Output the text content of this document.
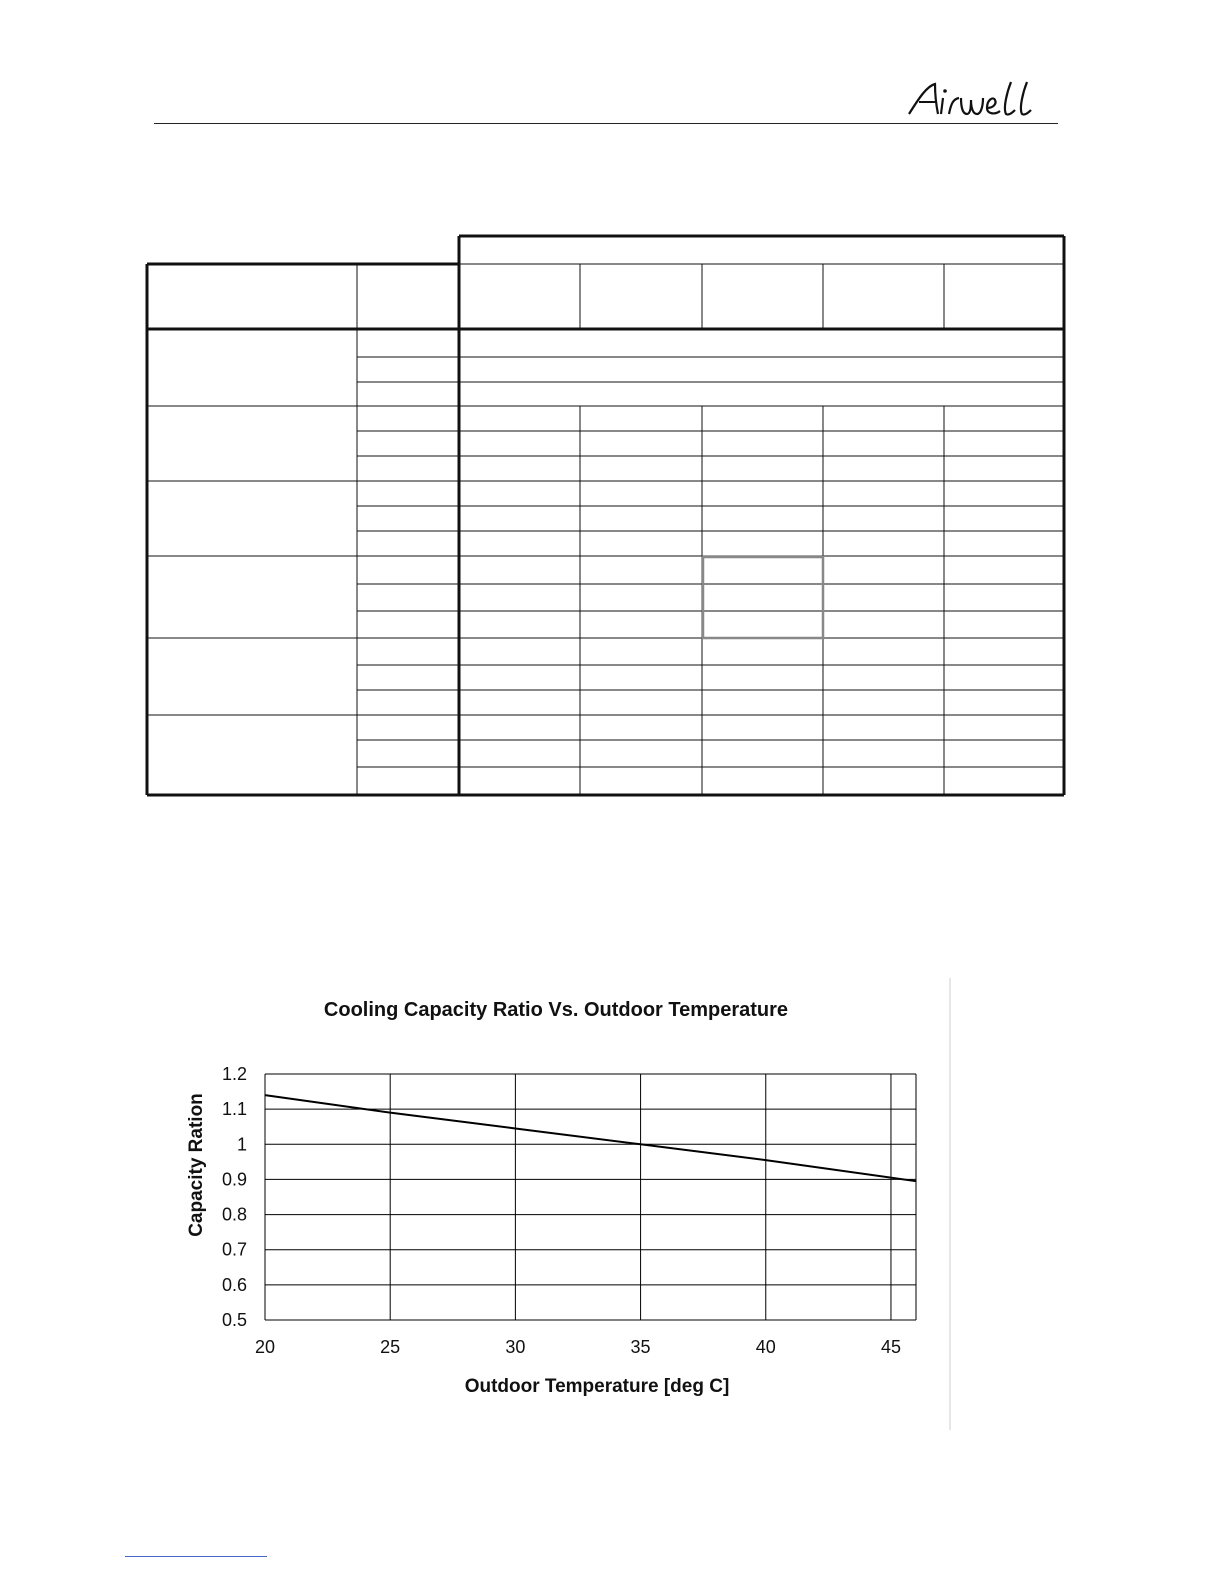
Cooling Capacity Ratio Vs. Outdoor Temperature
Outdoor Temperature [deg C]
Capacity Ration
0.5
0.6
0.7
0.8
0.9
1
1.1
1.2
20	25	30	35	40	45
